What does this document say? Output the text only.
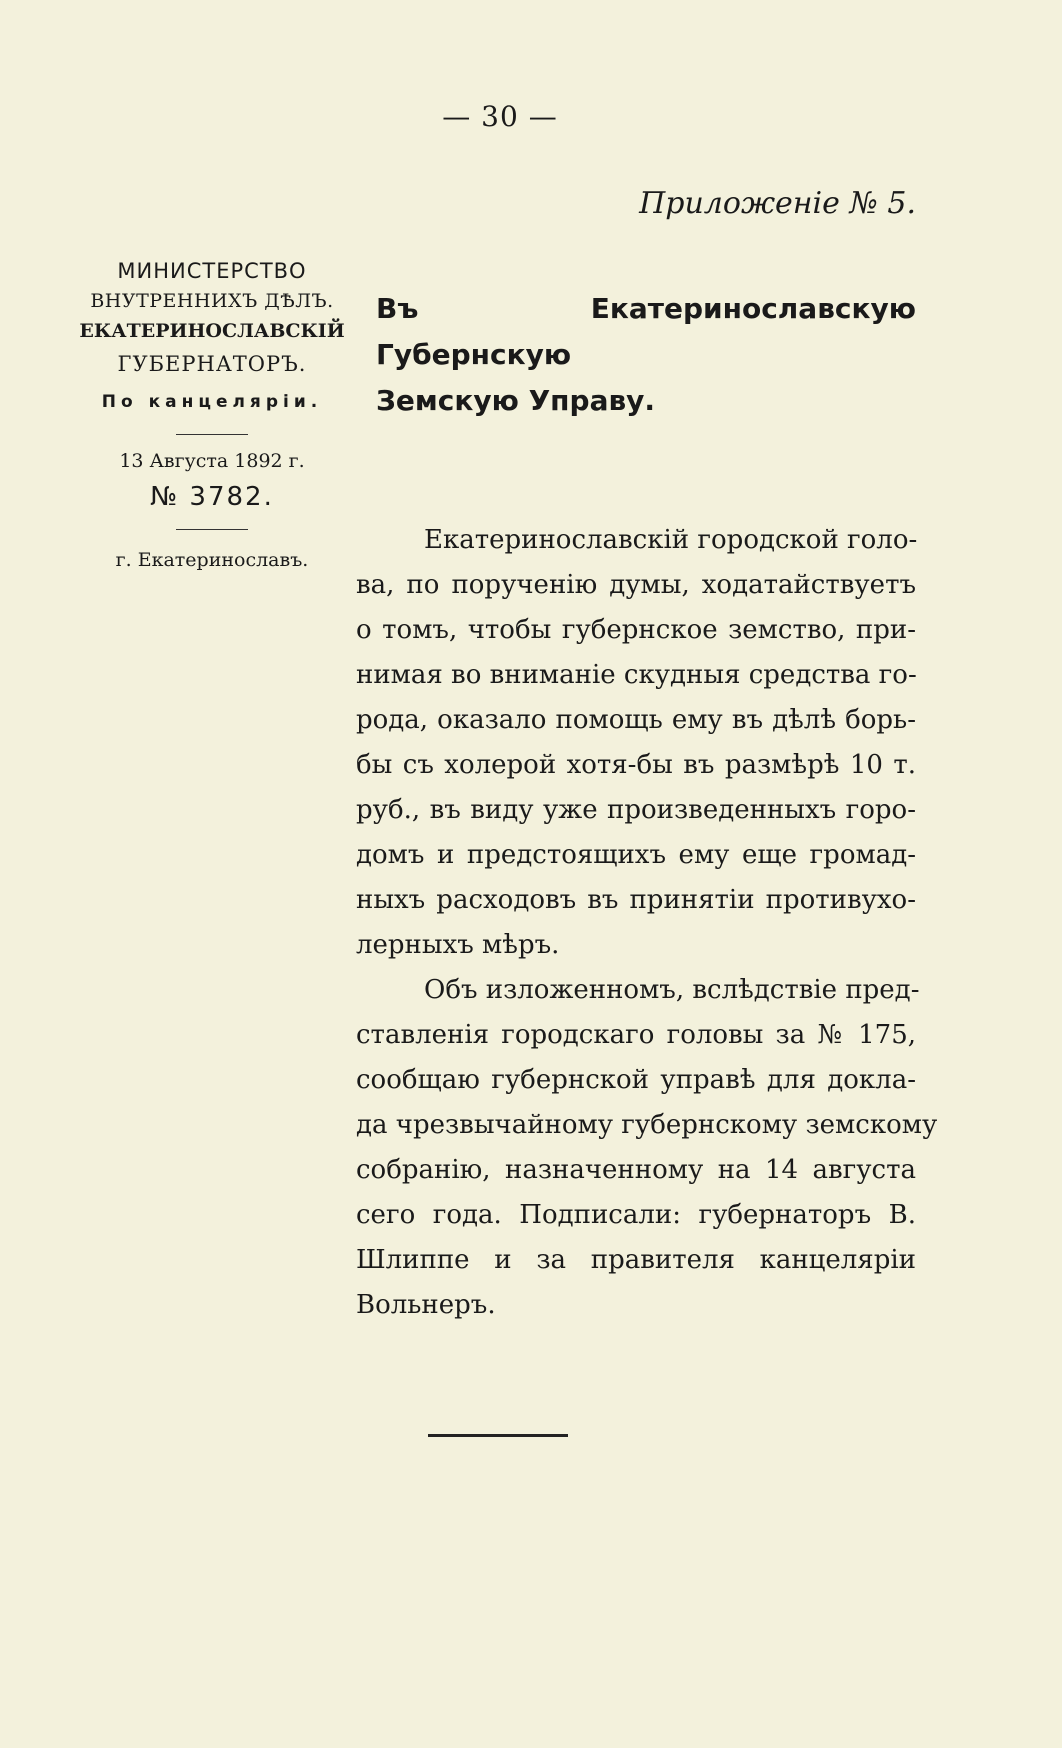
— 30 —
Приложеніе № 5.
МИНИСТЕРСТВО
ВНУТРЕННИХЪ ДѢЛЪ.
ЕКАТЕРИНОСЛАВСКІЙ
ГУБЕРНАТОРЪ.
По канцеляріи.
13 Августа 1892 г.
№ 3782.
г. Екатеринославъ.
Въ Екатеринославскую Губернскую
Земскую Управу.
Екатеринославскій городской голо-
ва, по порученію думы, ходатайствуетъ
о томъ, чтобы губернское земство, при-
нимая во вниманіе скудныя средства го-
рода, оказало помощь ему въ дѣлѣ борь-
бы съ холерой хотя-бы въ размѣрѣ 10 т.
руб., въ виду уже произведенныхъ горо-
домъ и предстоящихъ ему еще громад-
ныхъ расходовъ въ принятіи противухо-
лерныхъ мѣръ.
Объ изложенномъ, вслѣдствіе пред-
ставленія городскаго головы за № 175,
сообщаю губернской управѣ для докла-
да чрезвычайному губернскому земскому
собранію, назначенному на 14 августа
сего года. Подписали: губернаторъ В.
Шлиппе и за правителя канцеляріи
Вольнеръ.
